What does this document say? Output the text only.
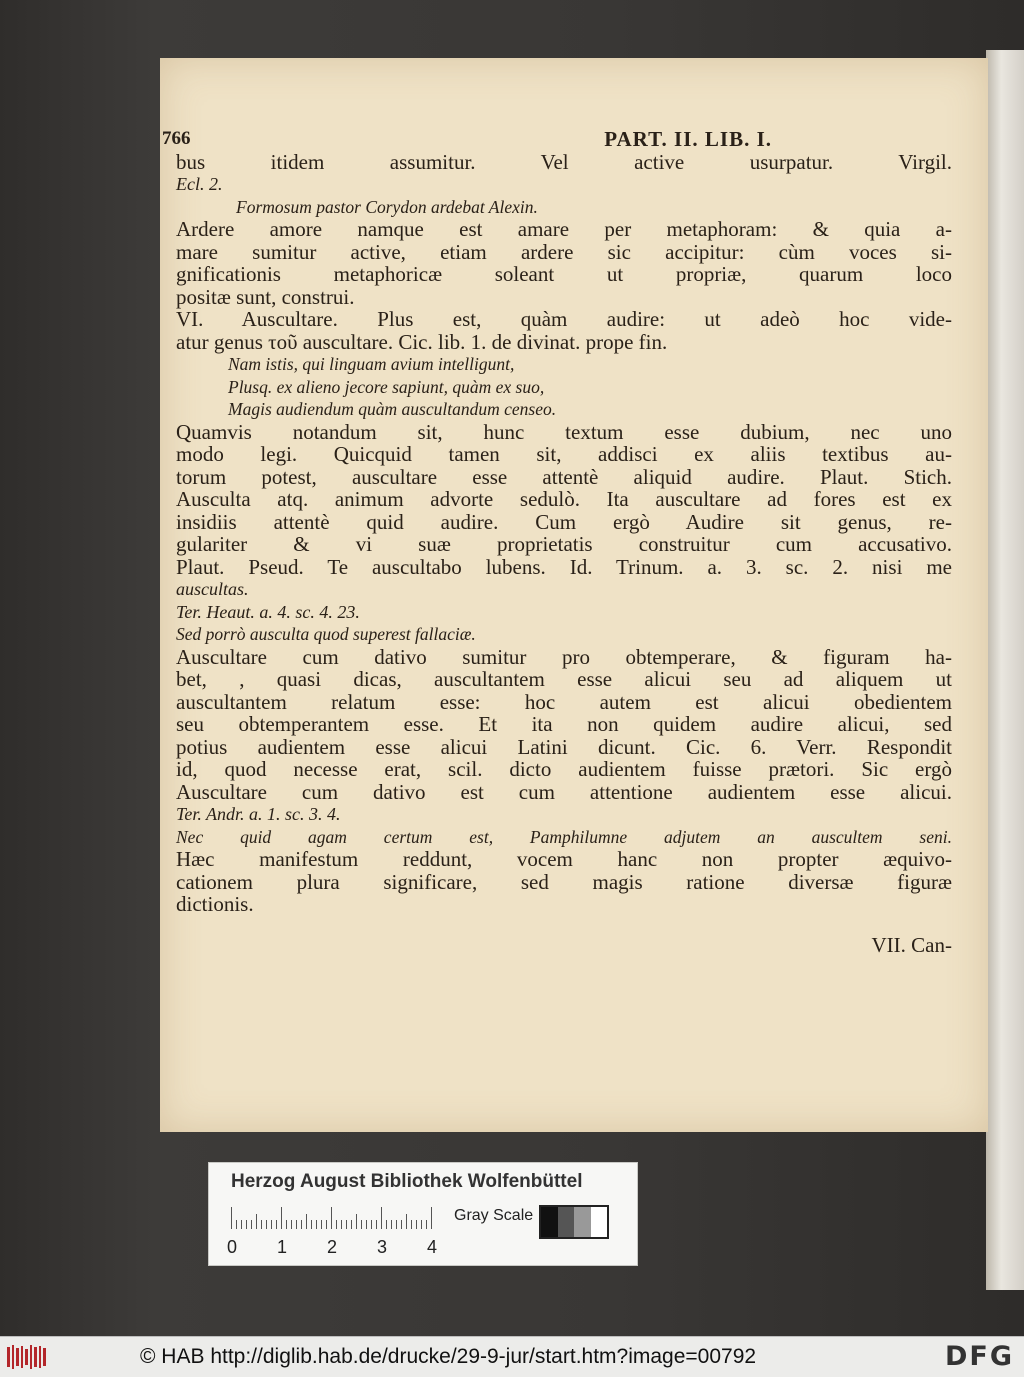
766	PART. II. LIB. I.
bus itidem assumitur. Vel active usurpatur. Virgil.
Ecl. 2.
Formosum pastor Corydon ardebat Alexin.
Ardere amore namque est amare per metaphoram: & quia a-
mare sumitur active, etiam ardere sic accipitur: cùm voces si-
gnificationis metaphoricæ soleant ut propriæ, quarum loco
positæ sunt, construi.
VI. Auscultare. Plus est, quàm audire: ut adeò hoc vide-
atur genus τοῦ auscultare. Cic. lib. 1. de divinat. prope fin.
Nam istis, qui linguam avium intelligunt,
Plusq. ex alieno jecore sapiunt, quàm ex suo,
Magis audiendum quàm auscultandum censeo.
Quamvis notandum sit, hunc textum esse dubium, nec uno
modo legi. Quicquid tamen sit, addisci ex aliis textibus au-
torum potest, auscultare esse attentè aliquid audire. Plaut. Stich.
Ausculta atq. animum advorte sedulò. Ita auscultare ad fores est ex
insidiis attentè quid audire. Cum ergò Audire sit genus, re-
gulariter & vi suæ proprietatis construitur cum accusativo.
Plaut. Pseud. Te auscultabo lubens. Id. Trinum. a. 3. sc. 2. nisi me
auscultas.
Ter. Heaut. a. 4. sc. 4. 23.
Sed porrò ausculta quod superest fallaciæ.
Auscultare cum dativo sumitur pro obtemperare, & figuram ha-
bet, , quasi dicas, auscultantem esse alicui seu ad aliquem ut
auscultantem relatum esse: hoc autem est alicui obedientem
seu obtemperantem esse. Et ita non quidem audire alicui, sed
potius audientem esse alicui Latini dicunt. Cic. 6. Verr. Respondit
id, quod necesse erat, scil. dicto audientem fuisse prætori. Sic ergò
Auscultare cum dativo est cum attentione audientem esse alicui.
Ter. Andr. a. 1. sc. 3. 4.
Nec quid agam certum est, Pamphilumne adjutem an auscultem seni.
Hæc manifestum reddunt, vocem hanc non propter æquivo-
cationem plura significare, sed magis ratione diversæ figuræ
dictionis.
VII. Can-
Herzog August Bibliothek Wolfenbüttel
0 1 2 3 4
Gray Scale
© HAB http://diglib.hab.de/drucke/29-9-jur/start.htm?image=00792	DFG
